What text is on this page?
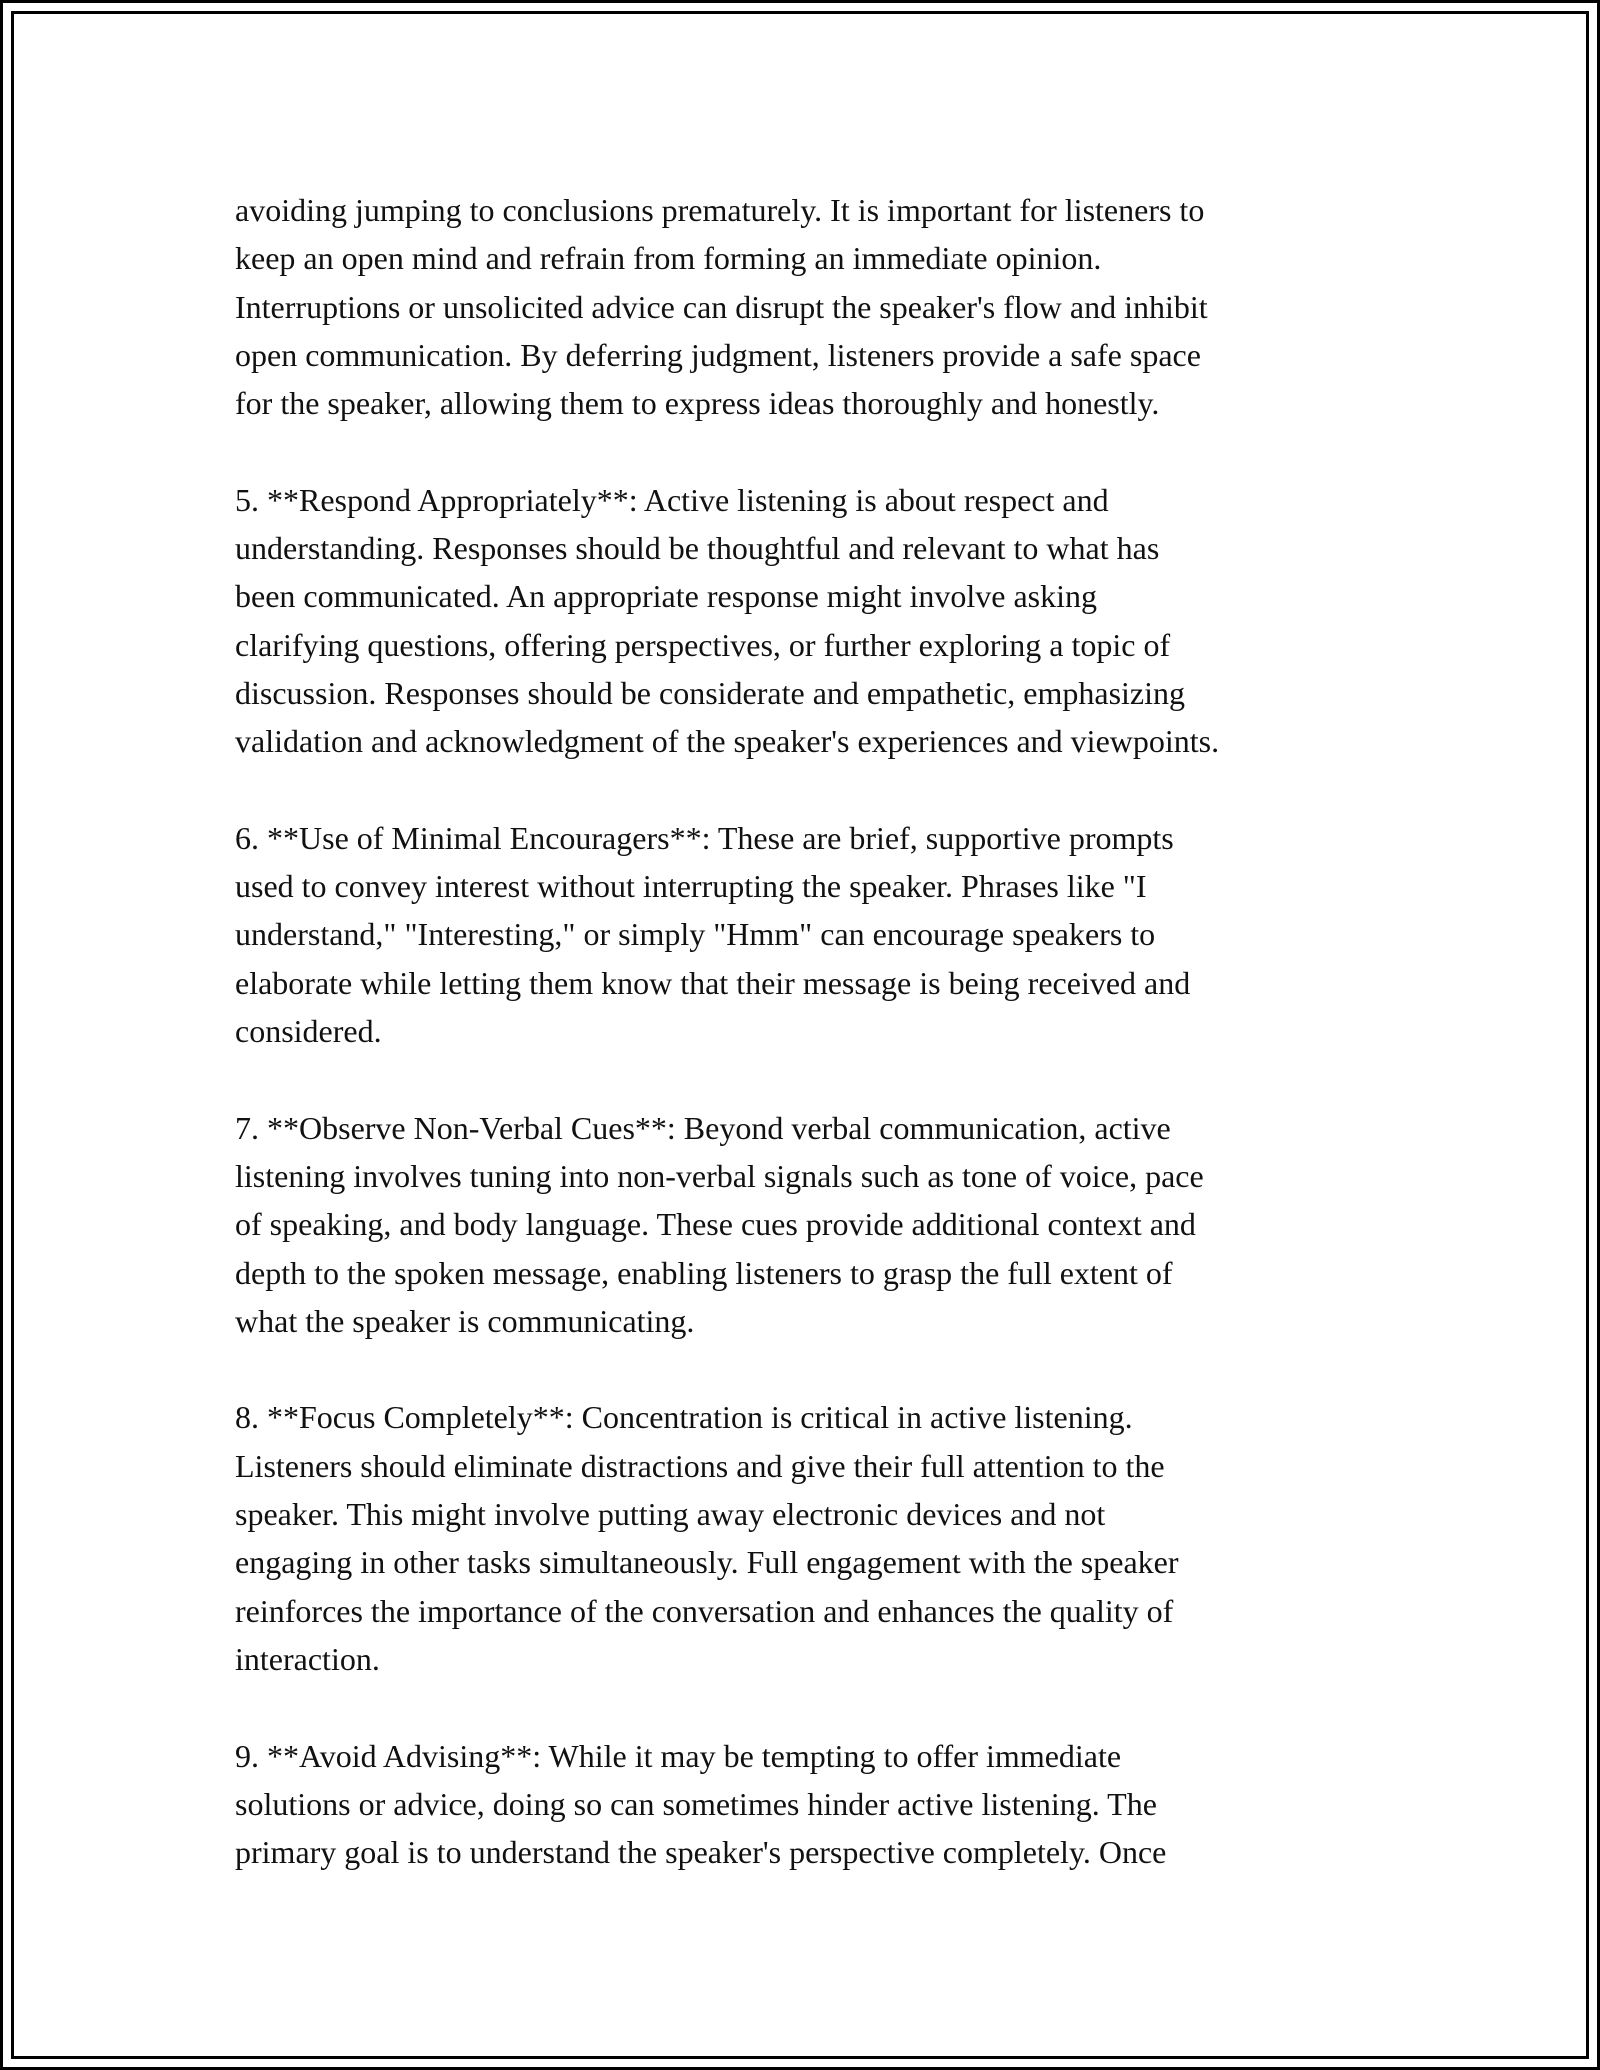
avoiding jumping to conclusions prematurely. It is important for listeners to
keep an open mind and refrain from forming an immediate opinion.
Interruptions or unsolicited advice can disrupt the speaker's flow and inhibit
open communication. By deferring judgment, listeners provide a safe space
for the speaker, allowing them to express ideas thoroughly and honestly.

5. **Respond Appropriately**: Active listening is about respect and
understanding. Responses should be thoughtful and relevant to what has
been communicated. An appropriate response might involve asking
clarifying questions, offering perspectives, or further exploring a topic of
discussion. Responses should be considerate and empathetic, emphasizing
validation and acknowledgment of the speaker's experiences and viewpoints.

6. **Use of Minimal Encouragers**: These are brief, supportive prompts
used to convey interest without interrupting the speaker. Phrases like "I
understand," "Interesting," or simply "Hmm" can encourage speakers to
elaborate while letting them know that their message is being received and
considered.

7. **Observe Non-Verbal Cues**: Beyond verbal communication, active
listening involves tuning into non-verbal signals such as tone of voice, pace
of speaking, and body language. These cues provide additional context and
depth to the spoken message, enabling listeners to grasp the full extent of
what the speaker is communicating.

8. **Focus Completely**: Concentration is critical in active listening.
Listeners should eliminate distractions and give their full attention to the
speaker. This might involve putting away electronic devices and not
engaging in other tasks simultaneously. Full engagement with the speaker
reinforces the importance of the conversation and enhances the quality of
interaction.

9. **Avoid Advising**: While it may be tempting to offer immediate
solutions or advice, doing so can sometimes hinder active listening. The
primary goal is to understand the speaker's perspective completely. Once
